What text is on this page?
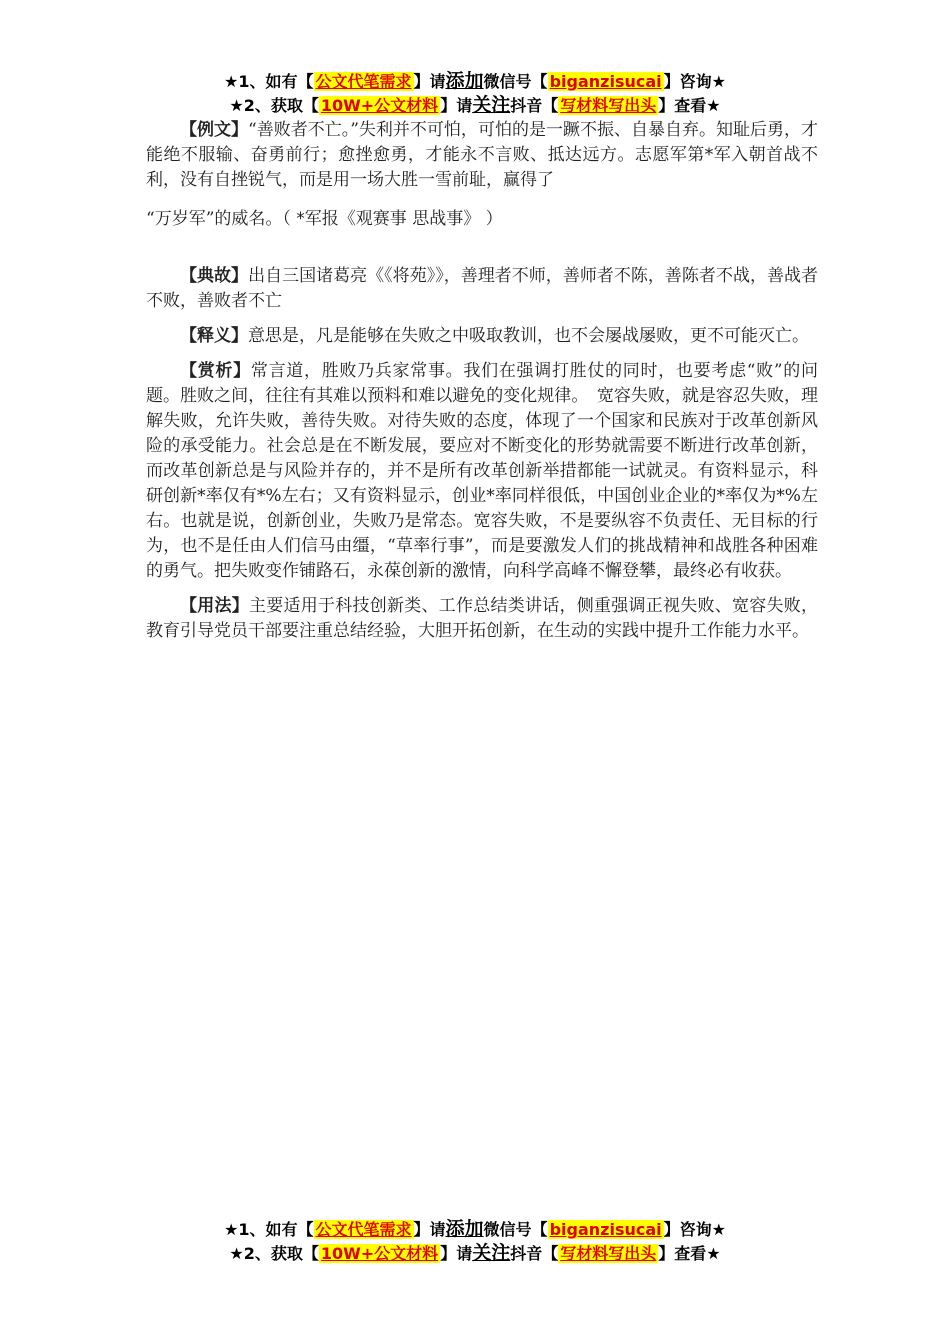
★1、如有【 公文代笔需求 】请添加微信号【 biganzisucai 】咨询★
★2、获取【 10W+公文材料 】请关注抖音【 写材料写出头 】查看★

【例文】“善败者不亡。”失利并不可怕，可怕的是一蹶不振、自暴自弃。知耻后勇，才能绝不服输、奋勇前行；愈挫愈勇，才能永不言败、抵达远方。志愿军第*军入朝首战不利，没有自挫锐气，而是用一场大胜一雪前耻，赢得了
“万岁军”的威名。（ *军报《观赛事 思战事》 ）

【典故】出自三国诸葛亮《《将苑》》，善理者不师，善师者不陈，善陈者不战，善战者不败，善败者不亡

【释义】意思是，凡是能够在失败之中吸取教训，也不会屡战屡败，更不可能灭亡。

【赏析】常言道，胜败乃兵家常事。我们在强调打胜仗的同时，也要考虑“败”的问题。胜败之间，往往有其难以预料和难以避免的变化规律。　宽容失败，就是容忍失败，理解失败，允许失败，善待失败。对待失败的态度，体现了一个国家和民族对于改革创新风险的承受能力。社会总是在不断发展，要应对不断变化的形势就需要不断进行改革创新，而改革创新总是与风险并存的，并不是所有改革创新举措都能一试就灵。有资料显示，科研创新*率仅有*%左右；又有资料显示，创业*率同样很低，中国创业企业的*率仅为*%左右。也就是说，创新创业，失败乃是常态。宽容失败，不是要纵容不负责任、无目标的行为，也不是任由人们信马由缰，“草率行事”，而是要激发人们的挑战精神和战胜各种困难的勇气。把失败变作铺路石，永葆创新的激情，向科学高峰不懈登攀，最终必有收获。

【用法】主要适用于科技创新类、工作总结类讲话，侧重强调正视失败、宽容失败，教育引导党员干部要注重总结经验，大胆开拓创新，在生动的实践中提升工作能力水平。

★1、如有【 公文代笔需求 】请添加微信号【 biganzisucai 】咨询★
★2、获取【 10W+公文材料 】请关注抖音【 写材料写出头 】查看★
